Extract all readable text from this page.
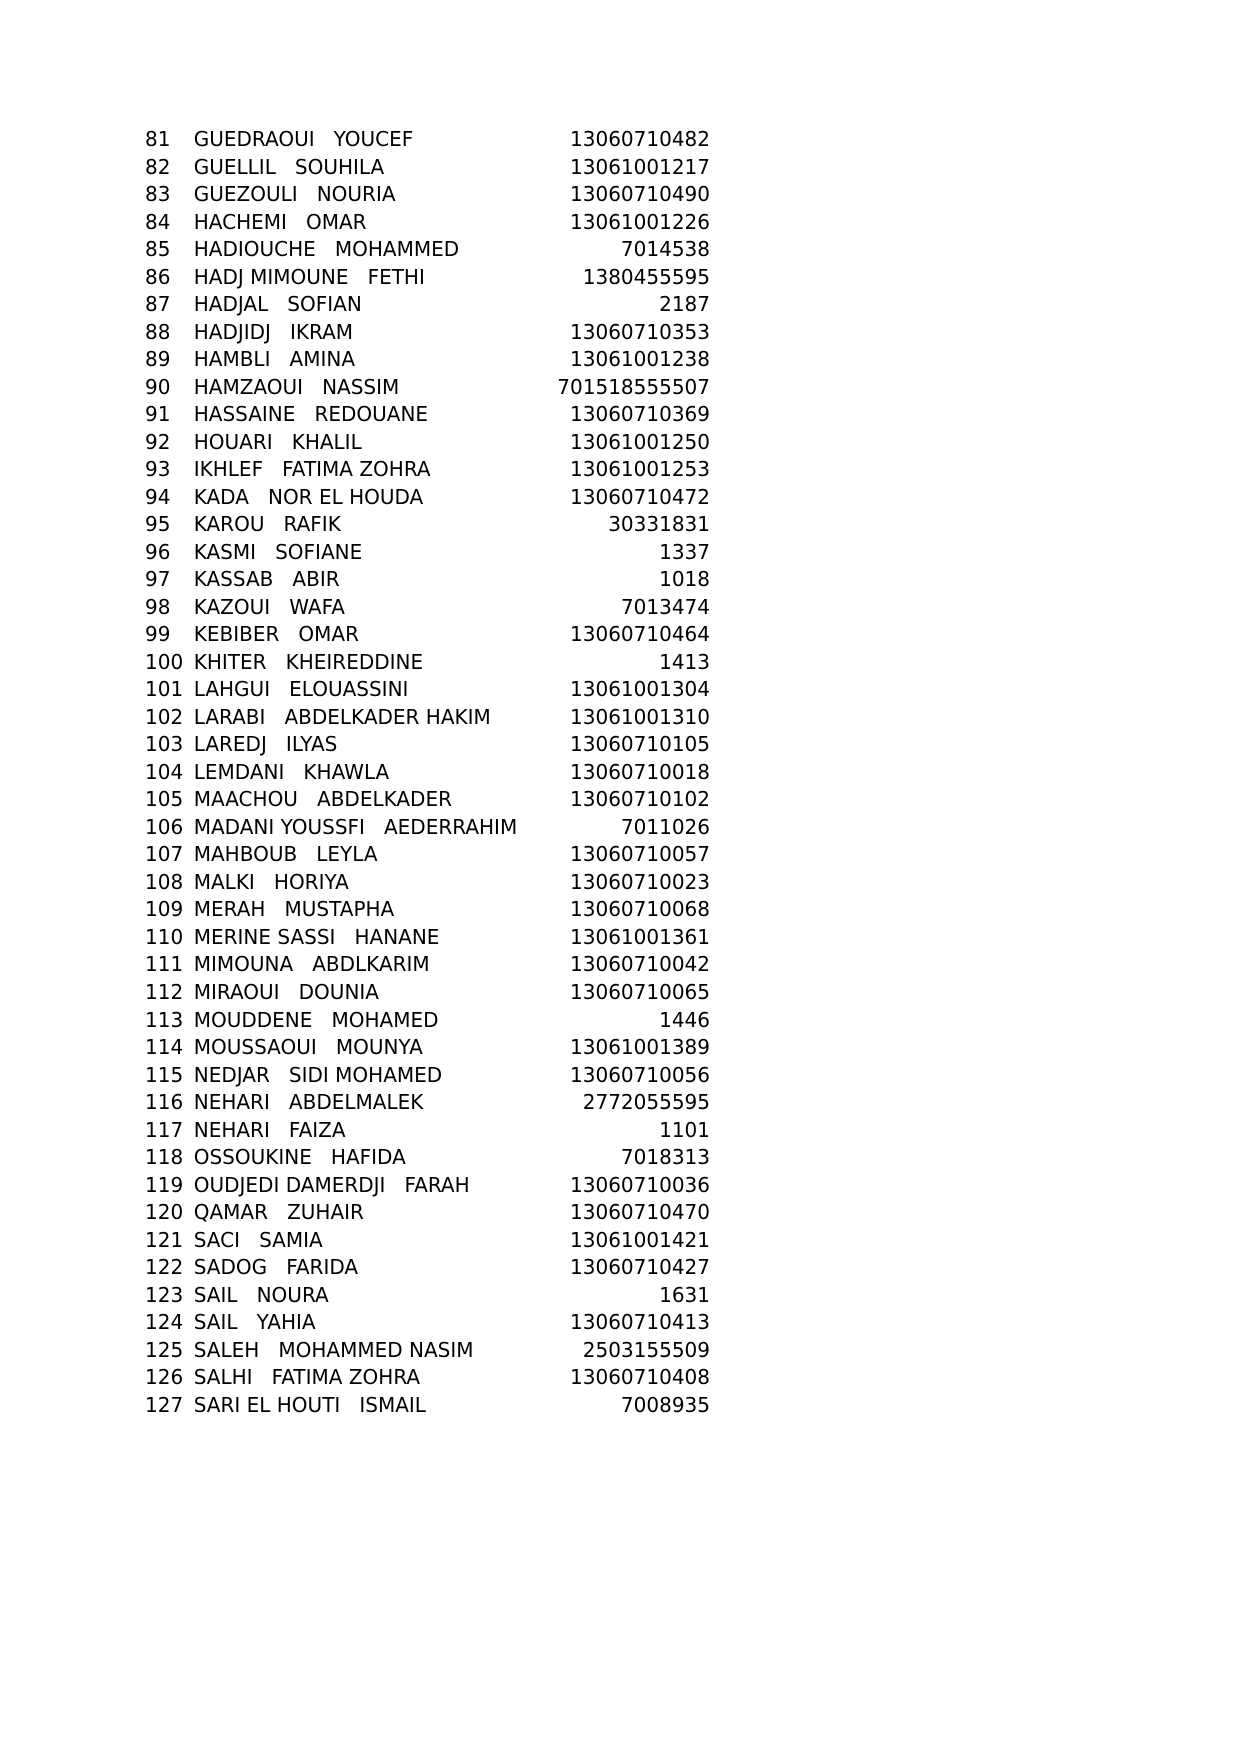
81	GUEDRAOUI   YOUCEF	13060710482
82	GUELLIL   SOUHILA	13061001217
83	GUEZOULI   NOURIA	13060710490
84	HACHEMI   OMAR	13061001226
85	HADIOUCHE   MOHAMMED	7014538
86	HADJ MIMOUNE   FETHI	1380455595
87	HADJAL   SOFIAN	2187
88	HADJIDJ   IKRAM	13060710353
89	HAMBLI   AMINA	13061001238
90	HAMZAOUI   NASSIM	701518555507
91	HASSAINE   REDOUANE	13060710369
92	HOUARI   KHALIL	13061001250
93	IKHLEF   FATIMA ZOHRA	13061001253
94	KADA   NOR EL HOUDA	13060710472
95	KAROU   RAFIK	30331831
96	KASMI   SOFIANE	1337
97	KASSAB   ABIR	1018
98	KAZOUI   WAFA	7013474
99	KEBIBER   OMAR	13060710464
100	KHITER   KHEIREDDINE	1413
101	LAHGUI   ELOUASSINI	13061001304
102	LARABI   ABDELKADER HAKIM	13061001310
103	LAREDJ   ILYAS	13060710105
104	LEMDANI   KHAWLA	13060710018
105	MAACHOU   ABDELKADER	13060710102
106	MADANI YOUSSFI   AEDERRAHIM	7011026
107	MAHBOUB   LEYLA	13060710057
108	MALKI   HORIYA	13060710023
109	MERAH   MUSTAPHA	13060710068
110	MERINE SASSI   HANANE	13061001361
111	MIMOUNA   ABDLKARIM	13060710042
112	MIRAOUI   DOUNIA	13060710065
113	MOUDDENE   MOHAMED	1446
114	MOUSSAOUI   MOUNYA	13061001389
115	NEDJAR   SIDI MOHAMED	13060710056
116	NEHARI   ABDELMALEK	2772055595
117	NEHARI   FAIZA	1101
118	OSSOUKINE   HAFIDA	7018313
119	OUDJEDI DAMERDJI   FARAH	13060710036
120	QAMAR   ZUHAIR	13060710470
121	SACI   SAMIA	13061001421
122	SADOG   FARIDA	13060710427
123	SAIL   NOURA	1631
124	SAIL   YAHIA	13060710413
125	SALEH   MOHAMMED NASIM	2503155509
126	SALHI   FATIMA ZOHRA	13060710408
127	SARI EL HOUTI   ISMAIL	7008935
